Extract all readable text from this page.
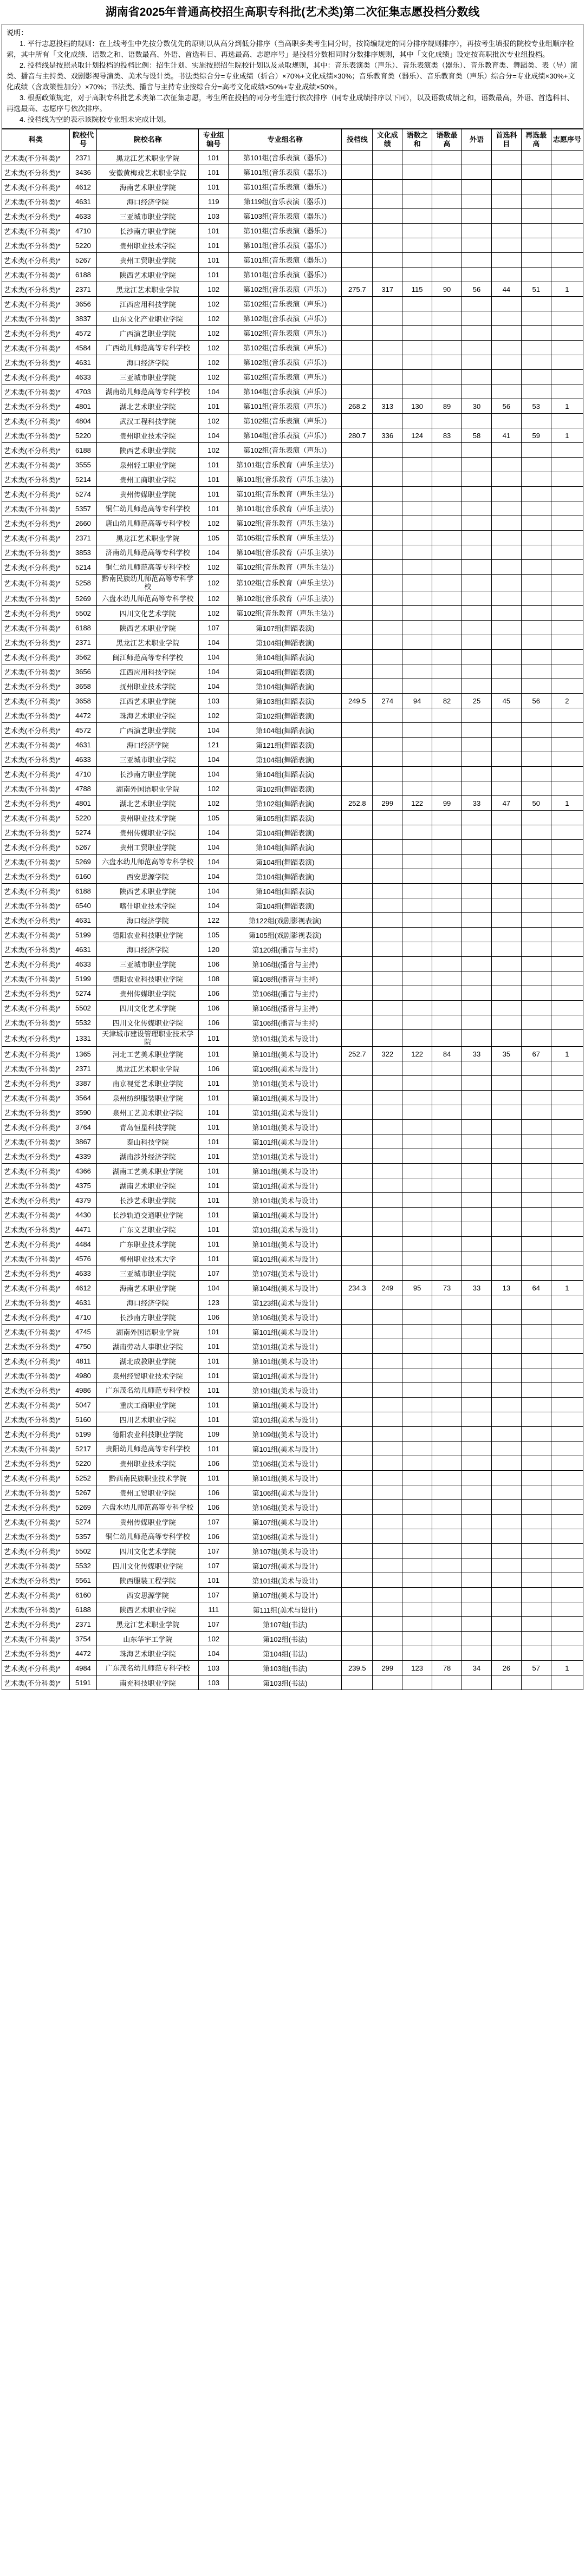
湖南省2025年普通高校招生高职专科批(艺术类)第二次征集志愿投档分数线

说明：

1. 平行志愿投档的规则：在上线考生中先按分数优先的原则以从高分到低分排序（当高职多类考生同分时，按简编规定的同分排序规则排序），再按考生填报的院校专业组顺序检索，其中所有「文化成绩、语数之和、语数最高、外语、首选科目、再选最高、志愿序号」是投档分数相同时分数排序规则，其中「文化成绩」设定按高职批次专业组投档。

2. 投档线是按照录取计划投档的投档比例：招生计划、实施按照招生院校计划以及录取规则，其中：音乐表演类（声乐）、音乐表演类（器乐）、音乐教育类、舞蹈类、表（导）演类、播音与主持类、戏剧影视导演类、美术与设计类。书法类综合分=专业成绩（折合）×70%+文化成绩×30%；音乐教育类（器乐）、音乐教育类（声乐）综合分=专业成绩×30%+文化成绩（含政策性加分）×70%；书法类、播音与主持专业按综合分=高考文化成绩×50%+专业成绩×50%。

3. 根据政策规定，对于高职专科批艺术类第二次征集志愿，考生所在投档的同分考生进行依次排序（同专业成绩排序以下同），以及语数成绩之和，语数最高，外语、首选科目、再选最高、志愿序号依次排序。

4. 投档线为空的表示该院校专业组未完成计划。

科类	院校代号	院校名称	专业组编号	专业组名称	投档线	文化成绩	语数之和	语数最高	外语	首选科目	再选最高	志愿序号
艺术类(不分科类)*	2371	黑龙江艺术职业学院	101	第101组(音乐表演（器乐）)								
艺术类(不分科类)*	3436	安徽黄梅戏艺术职业学院	101	第101组(音乐表演（器乐）)								
艺术类(不分科类)*	4612	海南艺术职业学院	101	第101组(音乐表演（器乐）)								
艺术类(不分科类)*	4631	海口经济学院	119	第119组(音乐表演（器乐）)								
艺术类(不分科类)*	4633	三亚城市职业学院	103	第103组(音乐表演（器乐）)								
艺术类(不分科类)*	4710	长沙南方职业学院	101	第101组(音乐表演（器乐）)								
艺术类(不分科类)*	5220	贵州职业技术学院	101	第101组(音乐表演（器乐）)								
艺术类(不分科类)*	5267	贵州工贸职业学院	101	第101组(音乐表演（器乐）)								
艺术类(不分科类)*	6188	陕西艺术职业学院	101	第101组(音乐表演（器乐）)								
艺术类(不分科类)*	2371	黑龙江艺术职业学院	102	第102组(音乐表演（声乐）)	275.7	317	115	90	56	44	51	1
艺术类(不分科类)*	3656	江西应用科技学院	102	第102组(音乐表演（声乐）)								
艺术类(不分科类)*	3837	山东文化产业职业学院	102	第102组(音乐表演（声乐）)								
艺术类(不分科类)*	4572	广西演艺职业学院	102	第102组(音乐表演（声乐）)								
艺术类(不分科类)*	4584	广西幼儿师范高等专科学校	102	第102组(音乐表演（声乐）)								
艺术类(不分科类)*	4631	海口经济学院	102	第102组(音乐表演（声乐）)								
艺术类(不分科类)*	4633	三亚城市职业学院	102	第102组(音乐表演（声乐）)								
艺术类(不分科类)*	4703	湖南幼儿师范高等专科学校	104	第104组(音乐表演（声乐）)								
艺术类(不分科类)*	4801	湖北艺术职业学院	101	第101组(音乐表演（声乐）)	268.2	313	130	89	30	56	53	1
艺术类(不分科类)*	4804	武汉工程科技学院	102	第102组(音乐表演（声乐）)								
艺术类(不分科类)*	5220	贵州职业技术学院	104	第104组(音乐表演（声乐）)	280.7	336	124	83	58	41	59	1
艺术类(不分科类)*	6188	陕西艺术职业学院	102	第102组(音乐表演（声乐）)								
艺术类(不分科类)*	3555	泉州轻工职业学院	101	第101组(音乐教育（声乐主法）)								
艺术类(不分科类)*	5214	贵州工商职业学院	101	第101组(音乐教育（声乐主法）)								
艺术类(不分科类)*	5274	贵州传媒职业学院	101	第101组(音乐教育（声乐主法）)								
艺术类(不分科类)*	5357	铜仁幼儿师范高等专科学校	101	第101组(音乐教育（声乐主法）)								
艺术类(不分科类)*	2660	唐山幼儿师范高等专科学校	102	第102组(音乐教育（声乐主法）)								
艺术类(不分科类)*	2371	黑龙江艺术职业学院	105	第105组(音乐教育（声乐主法）)								
艺术类(不分科类)*	3853	济南幼儿师范高等专科学校	104	第104组(音乐教育（声乐主法）)								
艺术类(不分科类)*	5214	铜仁幼儿师范高等专科学校	102	第102组(音乐教育（声乐主法）)								
艺术类(不分科类)*	5258	黔南民族幼儿师范高等专科学校	102	第102组(音乐教育（声乐主法）)								
艺术类(不分科类)*	5269	六盘水幼儿师范高等专科学校	102	第102组(音乐教育（声乐主法）)								
艺术类(不分科类)*	5502	四川文化艺术学院	102	第102组(音乐教育（声乐主法）)								
艺术类(不分科类)*	6188	陕西艺术职业学院	107	第107组(舞蹈表演)								
艺术类(不分科类)*	2371	黑龙江艺术职业学院	104	第104组(舞蹈表演)								
艺术类(不分科类)*	3562	闽江师范高等专科学校	104	第104组(舞蹈表演)								
艺术类(不分科类)*	3656	江西应用科技学院	104	第104组(舞蹈表演)								
艺术类(不分科类)*	3658	抚州职业技术学院	104	第104组(舞蹈表演)								
艺术类(不分科类)*	3658	江西艺术职业学院	103	第103组(舞蹈表演)	249.5	274	94	82	25	45	56	2
艺术类(不分科类)*	4472	珠海艺术职业学院	102	第102组(舞蹈表演)								
艺术类(不分科类)*	4572	广西演艺职业学院	104	第104组(舞蹈表演)								
艺术类(不分科类)*	4631	海口经济学院	121	第121组(舞蹈表演)								
艺术类(不分科类)*	4633	三亚城市职业学院	104	第104组(舞蹈表演)								
艺术类(不分科类)*	4710	长沙南方职业学院	104	第104组(舞蹈表演)								
艺术类(不分科类)*	4788	湖南外国语职业学院	102	第102组(舞蹈表演)								
艺术类(不分科类)*	4801	湖北艺术职业学院	102	第102组(舞蹈表演)	252.8	299	122	99	33	47	50	1
艺术类(不分科类)*	5220	贵州职业技术学院	105	第105组(舞蹈表演)								
艺术类(不分科类)*	5274	贵州传媒职业学院	104	第104组(舞蹈表演)								
艺术类(不分科类)*	5267	贵州工贸职业学院	104	第104组(舞蹈表演)								
艺术类(不分科类)*	5269	六盘水幼儿师范高等专科学校	104	第104组(舞蹈表演)								
艺术类(不分科类)*	6160	西安思源学院	104	第104组(舞蹈表演)								
艺术类(不分科类)*	6188	陕西艺术职业学院	104	第104组(舞蹈表演)								
艺术类(不分科类)*	6540	喀什职业技术学院	104	第104组(舞蹈表演)								
艺术类(不分科类)*	4631	海口经济学院	122	第122组(戏剧影视表演)								
艺术类(不分科类)*	5199	德阳农业科技职业学院	105	第105组(戏剧影视表演)								
艺术类(不分科类)*	4631	海口经济学院	120	第120组(播音与主持)								
艺术类(不分科类)*	4633	三亚城市职业学院	106	第106组(播音与主持)								
艺术类(不分科类)*	5199	德阳农业科技职业学院	108	第108组(播音与主持)								
艺术类(不分科类)*	5274	贵州传媒职业学院	106	第106组(播音与主持)								
艺术类(不分科类)*	5502	四川文化艺术学院	106	第106组(播音与主持)								
艺术类(不分科类)*	5532	四川文化传媒职业学院	106	第106组(播音与主持)								
艺术类(不分科类)*	1331	天津城市建设管理职业技术学院	101	第101组(美术与设计)								
艺术类(不分科类)*	1365	河北工艺美术职业学院	101	第101组(美术与设计)	252.7	322	122	84	33	35	67	1
艺术类(不分科类)*	2371	黑龙江艺术职业学院	106	第106组(美术与设计)								
艺术类(不分科类)*	3387	南京视觉艺术职业学院	101	第101组(美术与设计)								
艺术类(不分科类)*	3564	泉州纺织服装职业学院	101	第101组(美术与设计)								
艺术类(不分科类)*	3590	泉州工艺美术职业学院	101	第101组(美术与设计)								
艺术类(不分科类)*	3764	青岛恒星科技学院	101	第101组(美术与设计)								
艺术类(不分科类)*	3867	泰山科技学院	101	第101组(美术与设计)								
艺术类(不分科类)*	4339	湖南涉外经济学院	101	第101组(美术与设计)								
艺术类(不分科类)*	4366	湖南工艺美术职业学院	101	第101组(美术与设计)								
艺术类(不分科类)*	4375	湖南艺术职业学院	101	第101组(美术与设计)								
艺术类(不分科类)*	4379	长沙艺术职业学院	101	第101组(美术与设计)								
艺术类(不分科类)*	4430	长沙轨道交通职业学院	101	第101组(美术与设计)								
艺术类(不分科类)*	4471	广东文艺职业学院	101	第101组(美术与设计)								
艺术类(不分科类)*	4484	广东职业技术学院	101	第101组(美术与设计)								
艺术类(不分科类)*	4576	柳州职业技术大学	101	第101组(美术与设计)								
艺术类(不分科类)*	4633	三亚城市职业学院	107	第107组(美术与设计)								
艺术类(不分科类)*	4612	海南艺术职业学院	104	第104组(美术与设计)	234.3	249	95	73	33	13	64	1
艺术类(不分科类)*	4631	海口经济学院	123	第123组(美术与设计)								
艺术类(不分科类)*	4710	长沙南方职业学院	106	第106组(美术与设计)								
艺术类(不分科类)*	4745	湖南外国语职业学院	101	第101组(美术与设计)								
艺术类(不分科类)*	4750	湖南劳动人事职业学院	101	第101组(美术与设计)								
艺术类(不分科类)*	4811	湖北成教职业学院	101	第101组(美术与设计)								
艺术类(不分科类)*	4980	泉州经贸职业技术学院	101	第101组(美术与设计)								
艺术类(不分科类)*	4986	广东茂名幼儿师范专科学校	101	第101组(美术与设计)								
艺术类(不分科类)*	5047	重庆工商职业学院	101	第101组(美术与设计)								
艺术类(不分科类)*	5160	四川艺术职业学院	101	第101组(美术与设计)								
艺术类(不分科类)*	5199	德阳农业科技职业学院	109	第109组(美术与设计)								
艺术类(不分科类)*	5217	贵阳幼儿师范高等专科学校	101	第101组(美术与设计)								
艺术类(不分科类)*	5220	贵州职业技术学院	106	第106组(美术与设计)								
艺术类(不分科类)*	5252	黔西南民族职业技术学院	101	第101组(美术与设计)								
艺术类(不分科类)*	5267	贵州工贸职业学院	106	第106组(美术与设计)								
艺术类(不分科类)*	5269	六盘水幼儿师范高等专科学校	106	第106组(美术与设计)								
艺术类(不分科类)*	5274	贵州传媒职业学院	107	第107组(美术与设计)								
艺术类(不分科类)*	5357	铜仁幼儿师范高等专科学校	106	第106组(美术与设计)								
艺术类(不分科类)*	5502	四川文化艺术学院	107	第107组(美术与设计)								
艺术类(不分科类)*	5532	四川文化传媒职业学院	107	第107组(美术与设计)								
艺术类(不分科类)*	5561	陕西服装工程学院	101	第101组(美术与设计)								
艺术类(不分科类)*	6160	西安思源学院	107	第107组(美术与设计)								
艺术类(不分科类)*	6188	陕西艺术职业学院	111	第111组(美术与设计)								
艺术类(不分科类)*	2371	黑龙江艺术职业学院	107	第107组(书法)								
艺术类(不分科类)*	3754	山东华宇工学院	102	第102组(书法)								
艺术类(不分科类)*	4472	珠海艺术职业学院	104	第104组(书法)								
艺术类(不分科类)*	4984	广东茂名幼儿师范专科学校	103	第103组(书法)	239.5	299	123	78	34	26	57	1
艺术类(不分科类)*	5191	南充科技职业学院	103	第103组(书法)								
